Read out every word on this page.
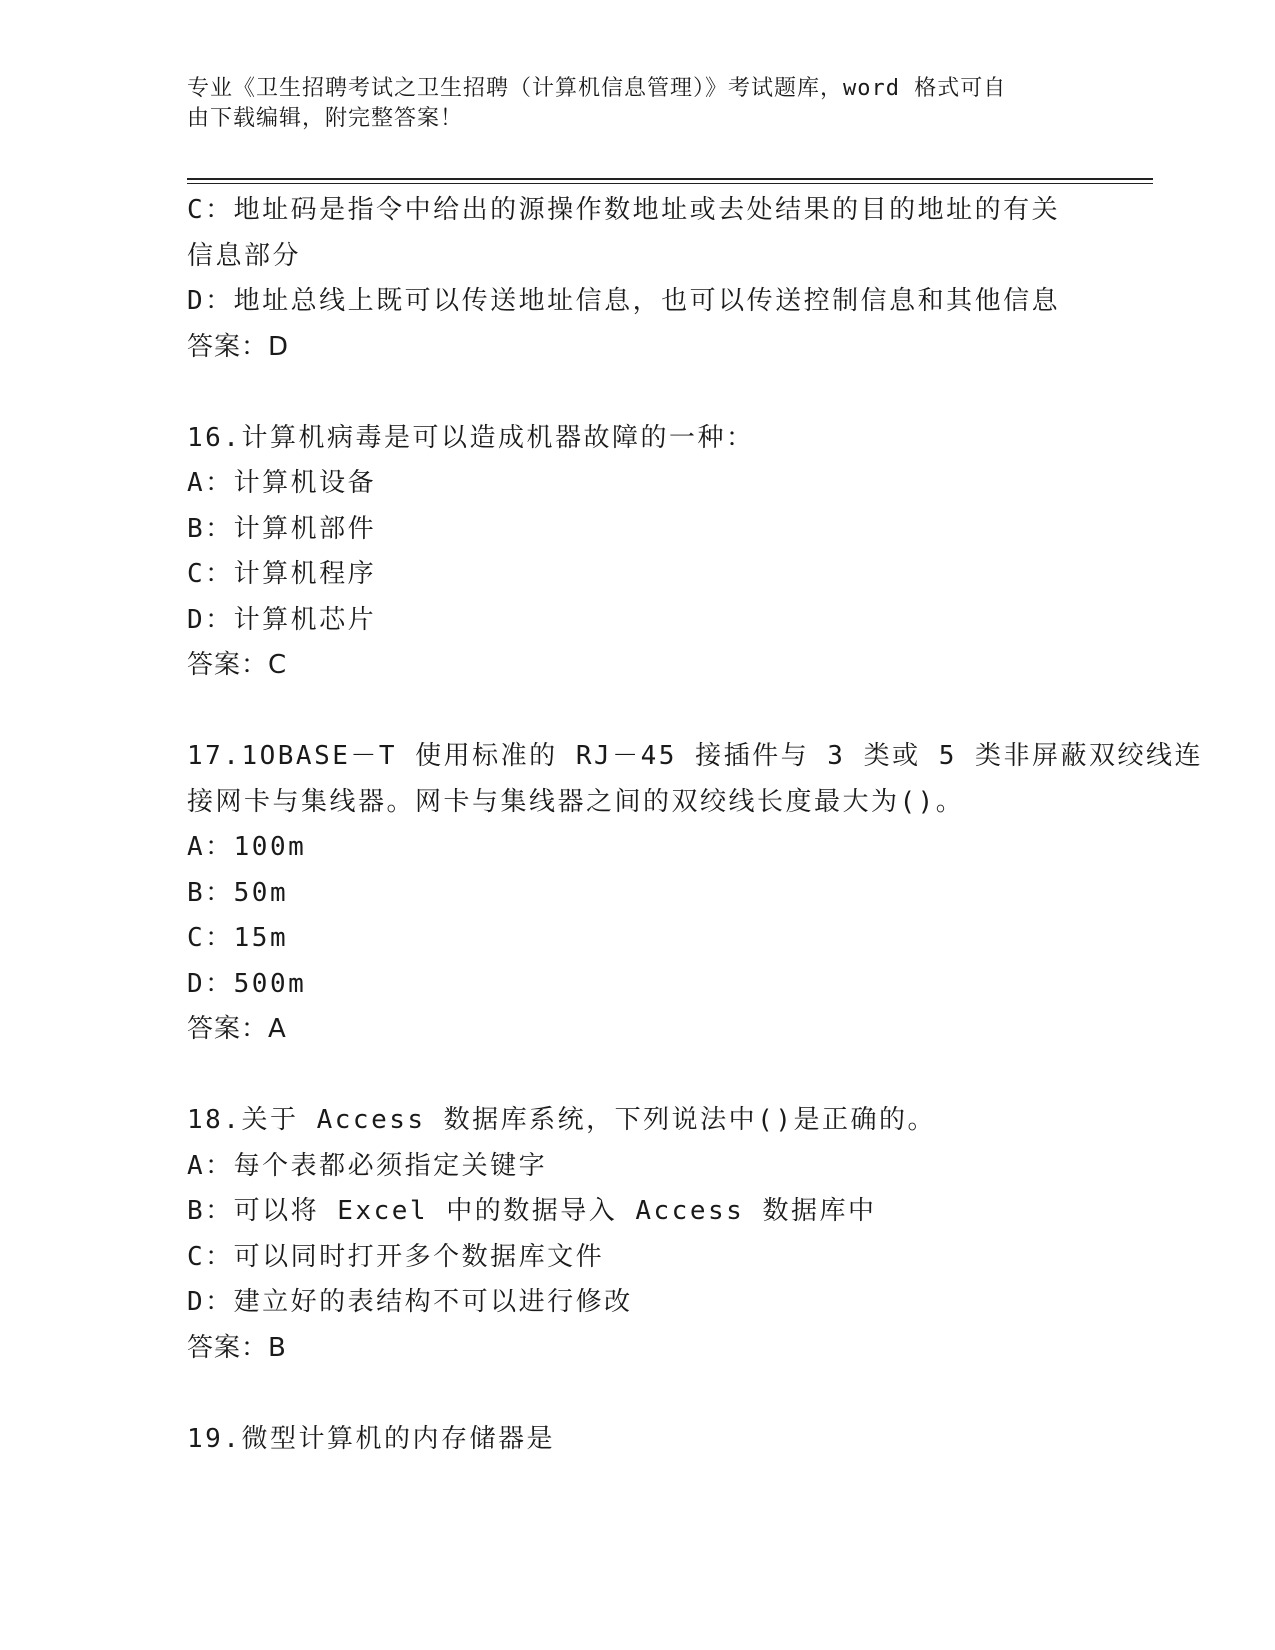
专业《卫生招聘考试之卫生招聘（计算机信息管理）》考试题库，word 格式可自
由下载编辑，附完整答案！
C：地址码是指令中给出的源操作数地址或去处结果的目的地址的有关
信息部分
D：地址总线上既可以传送地址信息，也可以传送控制信息和其他信息
答案：D
16.计算机病毒是可以造成机器故障的一种：
A：计算机设备
B：计算机部件
C：计算机程序
D：计算机芯片
答案：C
17.1OBASE－T 使用标准的 RJ－45 接插件与 3 类或 5 类非屏蔽双绞线连
接网卡与集线器。网卡与集线器之间的双绞线长度最大为()。
A：100m
B：50m
C：15m
D：500m
答案：A
18.关于 Access 数据库系统，下列说法中()是正确的。
A：每个表都必须指定关键字
B：可以将 Excel 中的数据导入 Access 数据库中
C：可以同时打开多个数据库文件
D：建立好的表结构不可以进行修改
答案：B
19.微型计算机的内存储器是
